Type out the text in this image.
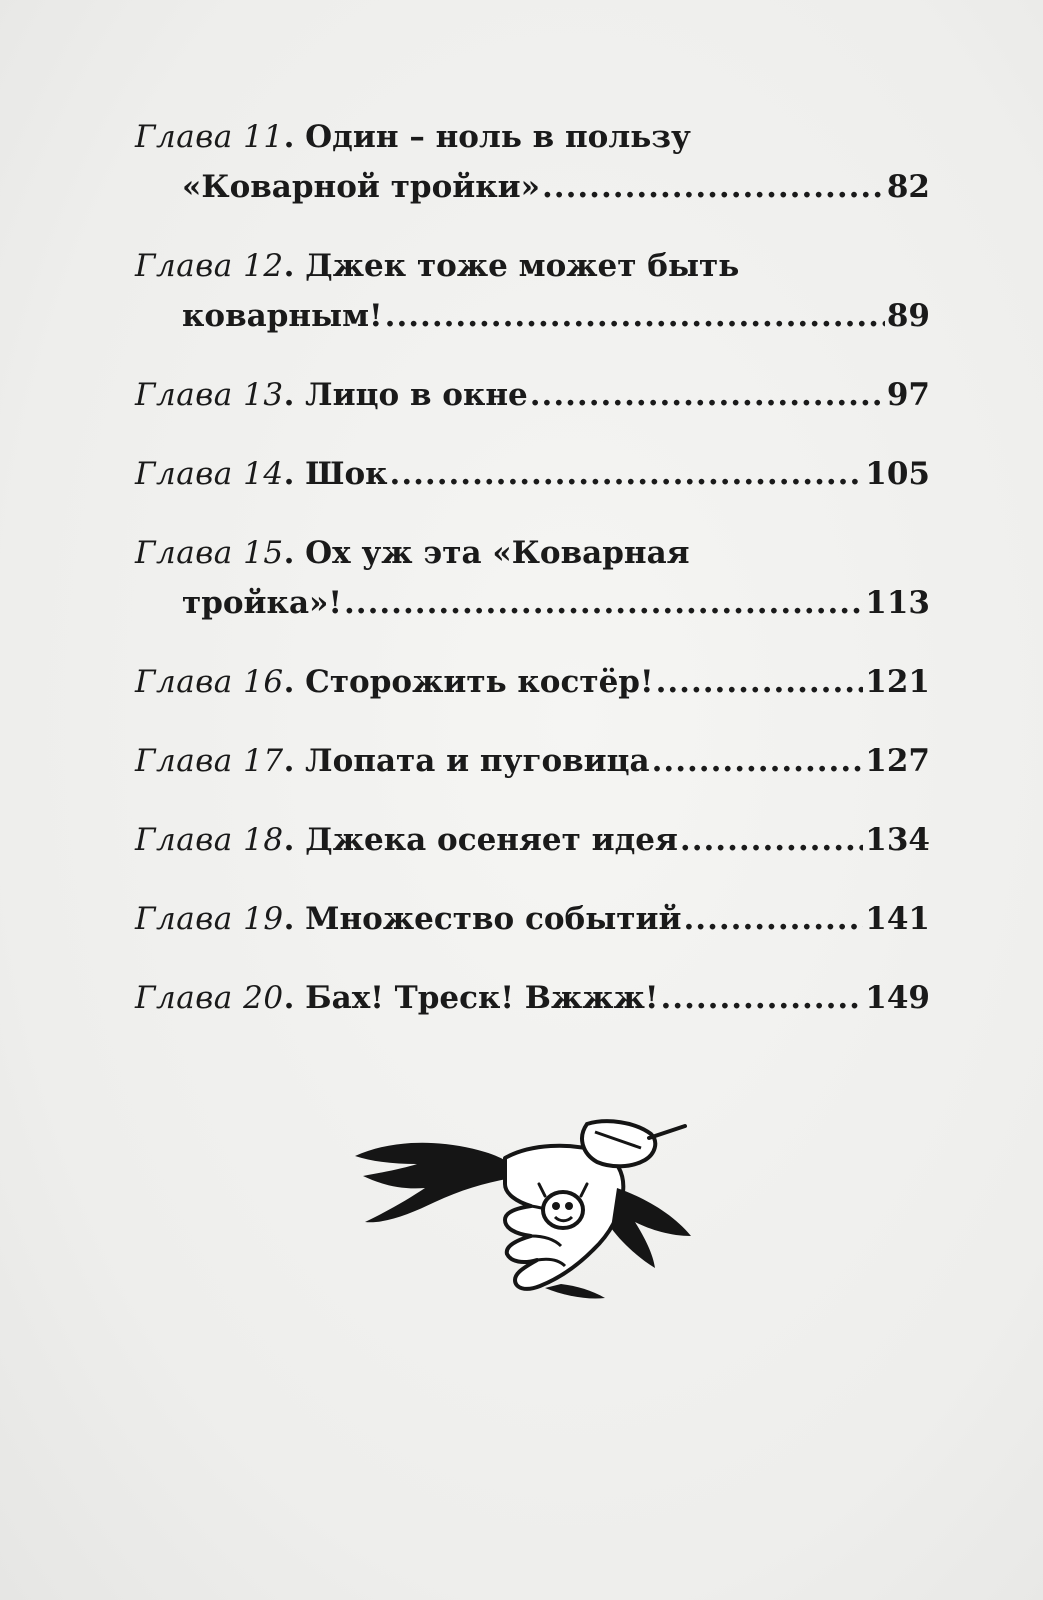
Глава 11 . Один – ноль в пользу
«Коварной тройки» .....	82
Глава 12 . Джек тоже может быть
коварным! .....	89
Глава 13 . Лицо в окне .....	97
Глава 14 . Шок .....	105
Глава 15 . Ох уж эта «Коварная
тройка»! .....	113
Глава 16 . Сторожить костёр! .....	121
Глава 17 . Лопата и пуговица .....	127
Глава 18 . Джека осеняет идея .....	134
Глава 19 . Множество событий .....	141
Глава 20 . Бах! Треск! Вжжж! .....	149
